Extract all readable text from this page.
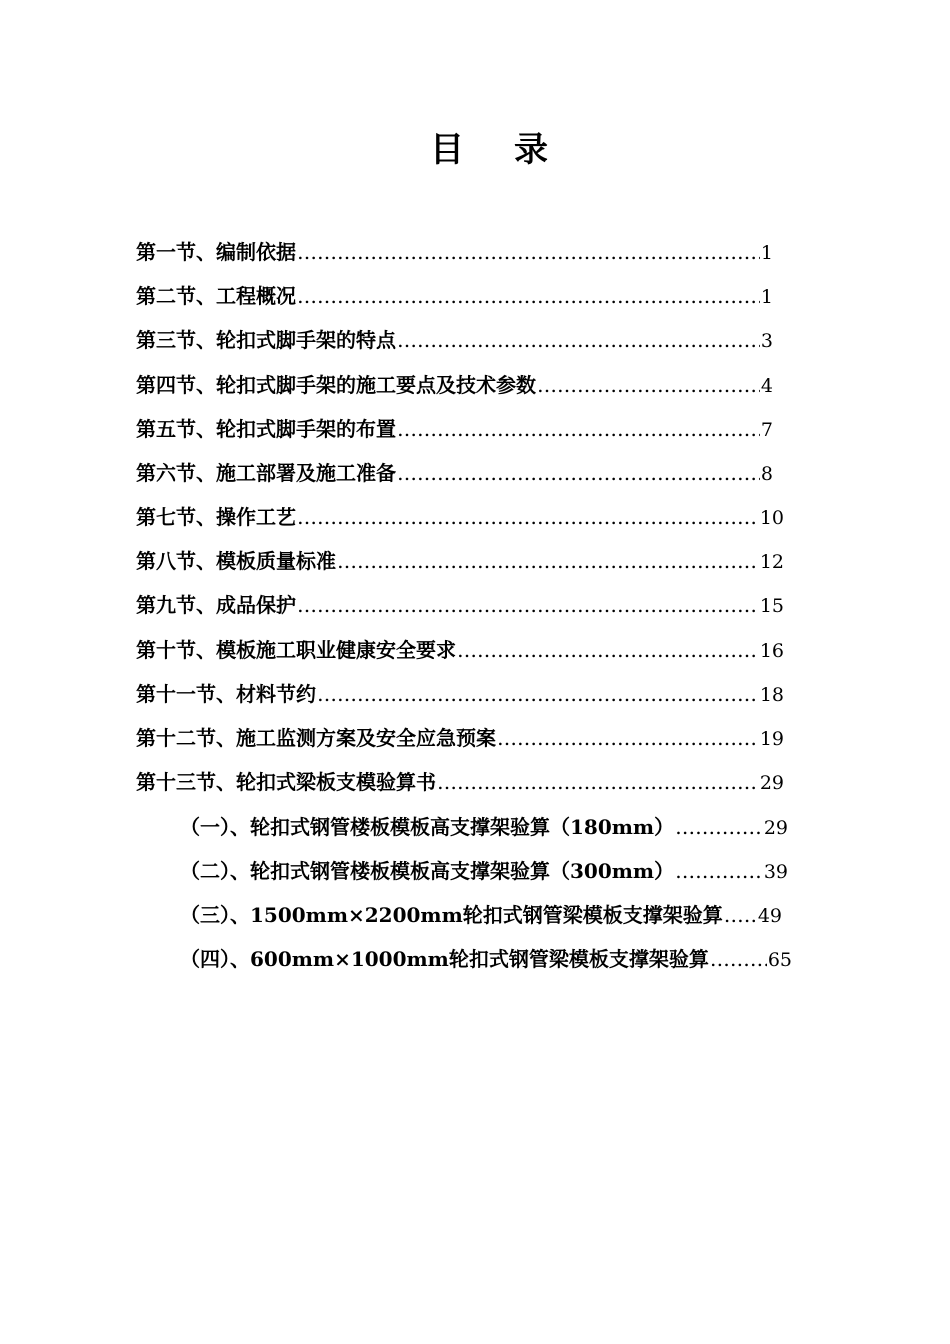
目 录
第一节、编制依据 …………………………………………………………………………………………………………………………………………………………………………………………	1
第二节、工程概况 …………………………………………………………………………………………………………………………………………………………………………………………	1
第三节、轮扣式脚手架的特点 …………………………………………………………………………………………………………………………………………………………………………………………	3
第四节、轮扣式脚手架的施工要点及技术参数 …………………………………………………………………………………………………………………………………………………………………………………………	4
第五节、轮扣式脚手架的布置 …………………………………………………………………………………………………………………………………………………………………………………………	7
第六节、施工部署及施工准备 …………………………………………………………………………………………………………………………………………………………………………………………	8
第七节、操作工艺 …………………………………………………………………………………………………………………………………………………………………………………………	10
第八节、模板质量标准 …………………………………………………………………………………………………………………………………………………………………………………………	12
第九节、成品保护 …………………………………………………………………………………………………………………………………………………………………………………………	15
第十节、模板施工职业健康安全要求 …………………………………………………………………………………………………………………………………………………………………………………………	16
第十一节、材料节约 …………………………………………………………………………………………………………………………………………………………………………………………	18
第十二节、施工监测方案及安全应急预案 …………………………………………………………………………………………………………………………………………………………………………………………	19
第十三节、轮扣式梁板支模验算书 …………………………………………………………………………………………………………………………………………………………………………………………	29
（一）、轮扣式钢管楼板模板高支撑架验算（180mm） …………………………………………………………………………………………………………………………………………………………………………………………	29
（二）、轮扣式钢管楼板模板高支撑架验算（300mm） …………………………………………………………………………………………………………………………………………………………………………………………	39
（三）、1500mm×2200mm轮扣式钢管梁模板支撑架验算 ………………………………………………………………………………………………………………………………………………………………………………………… 49
（四）、600mm×1000mm轮扣式钢管梁模板支撑架验算 …………………………………………………………………………………………………………………………………………………………………………………………	65
